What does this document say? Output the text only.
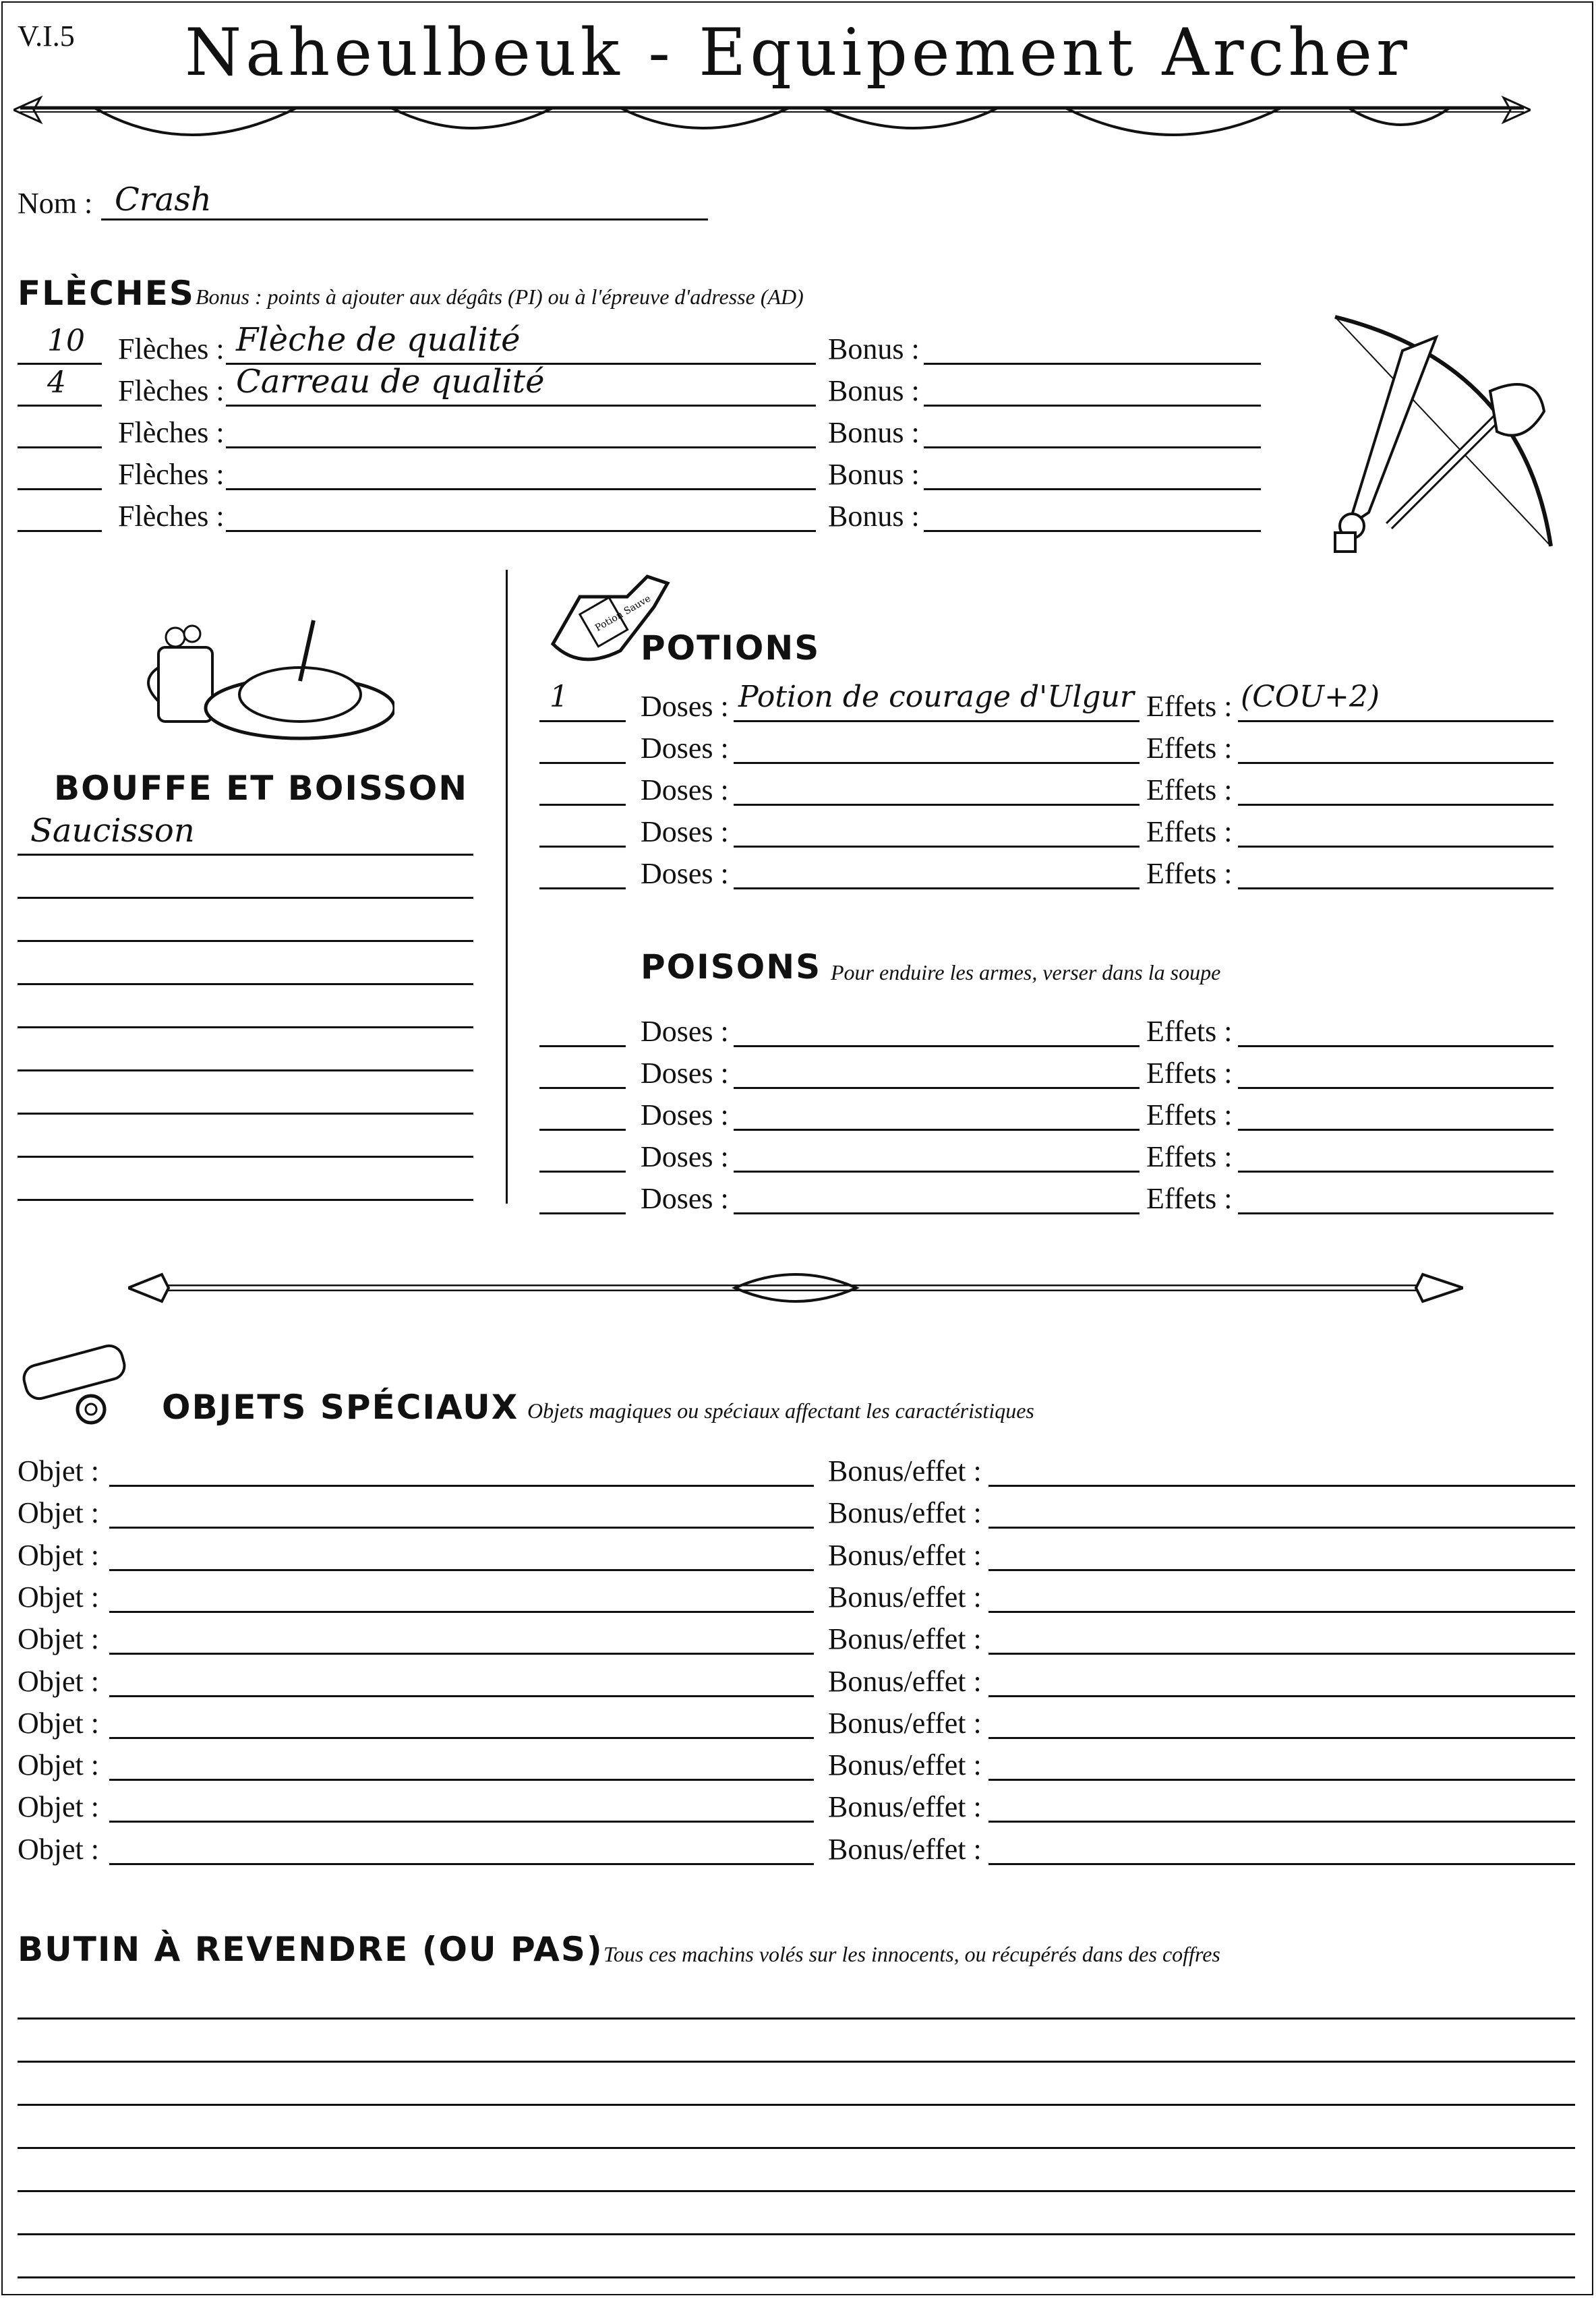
V.I.5	Naheulbeuk - Equipement Archer
Nom : Crash
FLÈCHES Bonus : points à ajouter aux dégâts (PI) ou à l'épreuve d'adresse (AD)
10 Flèches : Flèche de qualité	Bonus :
4 Flèches : Carreau de qualité	Bonus :
Flèches :	Bonus :
Flèches :	Bonus :
Flèches :	Bonus :
BOUFFE ET BOISSON
Saucisson
Potion Sauve
POTIONS
1 Doses : Potion de courage d'Ulgur Effets : (COU+2)
Doses :	Effets :
Doses :	Effets :
Doses :	Effets :
Doses :	Effets :
POISONS Pour enduire les armes, verser dans la soupe
Doses :	Effets :
Doses :	Effets :
Doses :	Effets :
Doses :	Effets :
Doses :	Effets :
OBJETS SPÉCIAUX Objets magiques ou spéciaux affectant les caractéristiques
Objet :	Bonus/effet :
Objet :	Bonus/effet :
Objet :	Bonus/effet :
Objet :	Bonus/effet :
Objet :	Bonus/effet :
Objet :	Bonus/effet :
Objet :	Bonus/effet :
Objet :	Bonus/effet :
Objet :	Bonus/effet :
Objet :	Bonus/effet :
BUTIN À REVENDRE (OU PAS) Tous ces machins volés sur les innocents, ou récupérés dans des coffres
